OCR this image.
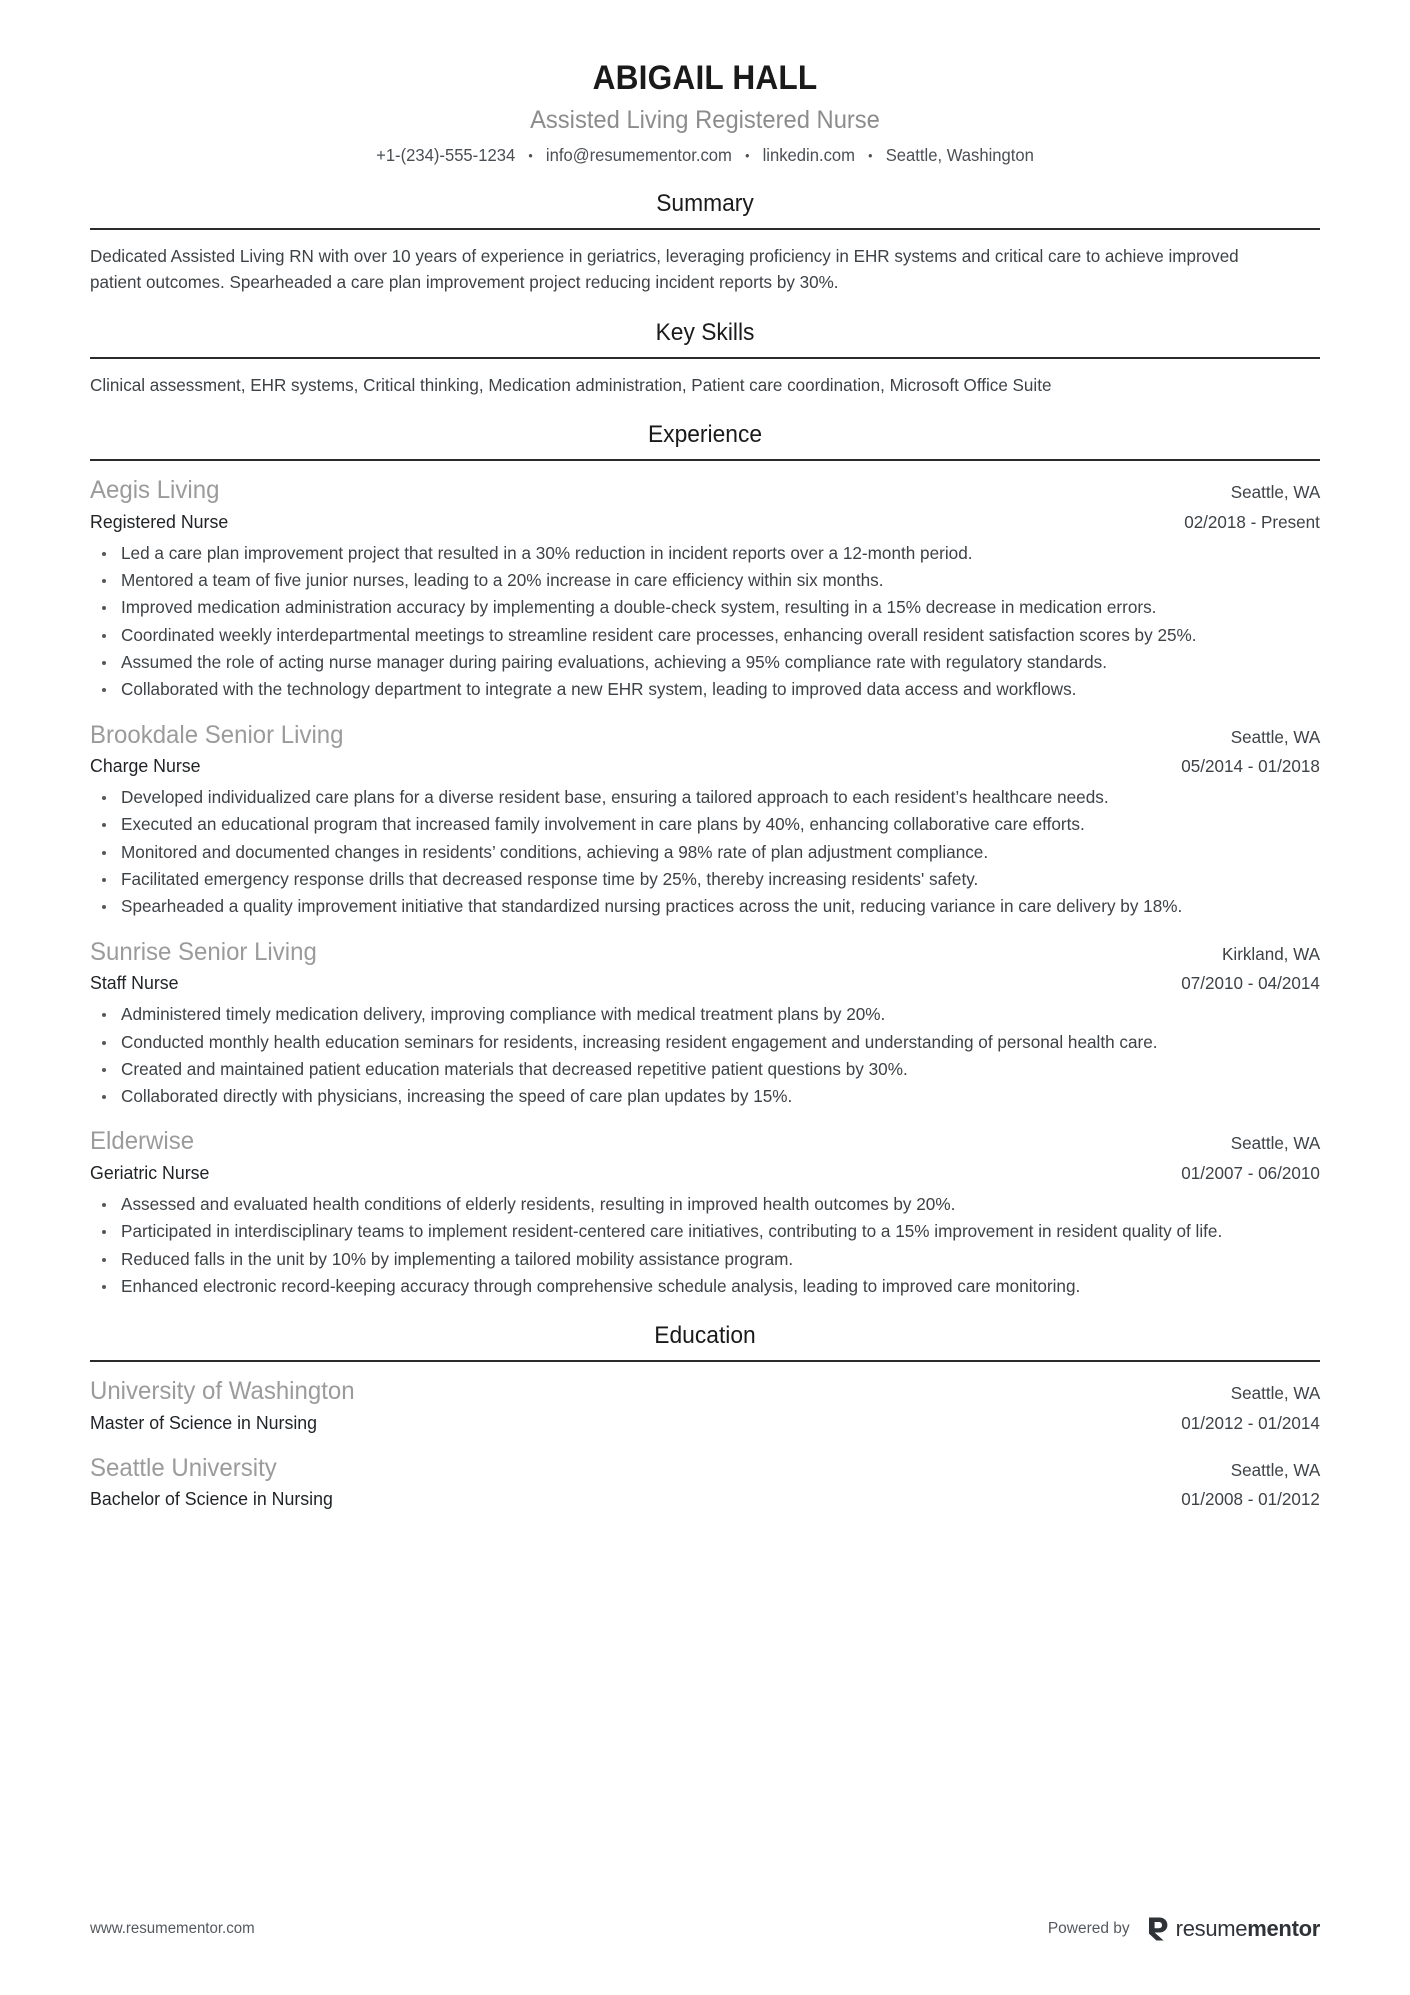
ABIGAIL HALL
Assisted Living Registered Nurse
+1-(234)-555-1234 • info@resumementor.com • linkedin.com • Seattle, Washington
Summary
Dedicated Assisted Living RN with over 10 years of experience in geriatrics, leveraging proficiency in EHR systems and critical care to achieve improved patient outcomes. Spearheaded a care plan improvement project reducing incident reports by 30%.
Key Skills
Clinical assessment, EHR systems, Critical thinking, Medication administration, Patient care coordination, Microsoft Office Suite
Experience
Aegis Living	Seattle, WA
Registered Nurse	02/2018 - Present
Led a care plan improvement project that resulted in a 30% reduction in incident reports over a 12-month period.
Mentored a team of five junior nurses, leading to a 20% increase in care efficiency within six months.
Improved medication administration accuracy by implementing a double-check system, resulting in a 15% decrease in medication errors.
Coordinated weekly interdepartmental meetings to streamline resident care processes, enhancing overall resident satisfaction scores by 25%.
Assumed the role of acting nurse manager during pairing evaluations, achieving a 95% compliance rate with regulatory standards.
Collaborated with the technology department to integrate a new EHR system, leading to improved data access and workflows.
Brookdale Senior Living	Seattle, WA
Charge Nurse	05/2014 - 01/2018
Developed individualized care plans for a diverse resident base, ensuring a tailored approach to each resident’s healthcare needs.
Executed an educational program that increased family involvement in care plans by 40%, enhancing collaborative care efforts.
Monitored and documented changes in residents’ conditions, achieving a 98% rate of plan adjustment compliance.
Facilitated emergency response drills that decreased response time by 25%, thereby increasing residents' safety.
Spearheaded a quality improvement initiative that standardized nursing practices across the unit, reducing variance in care delivery by 18%.
Sunrise Senior Living	Kirkland, WA
Staff Nurse	07/2010 - 04/2014
Administered timely medication delivery, improving compliance with medical treatment plans by 20%.
Conducted monthly health education seminars for residents, increasing resident engagement and understanding of personal health care.
Created and maintained patient education materials that decreased repetitive patient questions by 30%.
Collaborated directly with physicians, increasing the speed of care plan updates by 15%.
Elderwise	Seattle, WA
Geriatric Nurse	01/2007 - 06/2010
Assessed and evaluated health conditions of elderly residents, resulting in improved health outcomes by 20%.
Participated in interdisciplinary teams to implement resident-centered care initiatives, contributing to a 15% improvement in resident quality of life.
Reduced falls in the unit by 10% by implementing a tailored mobility assistance program.
Enhanced electronic record-keeping accuracy through comprehensive schedule analysis, leading to improved care monitoring.
Education
University of Washington	Seattle, WA
Master of Science in Nursing	01/2012 - 01/2014
Seattle University	Seattle, WA
Bachelor of Science in Nursing	01/2008 - 01/2012
www.resumementor.com	Powered by resumementor
